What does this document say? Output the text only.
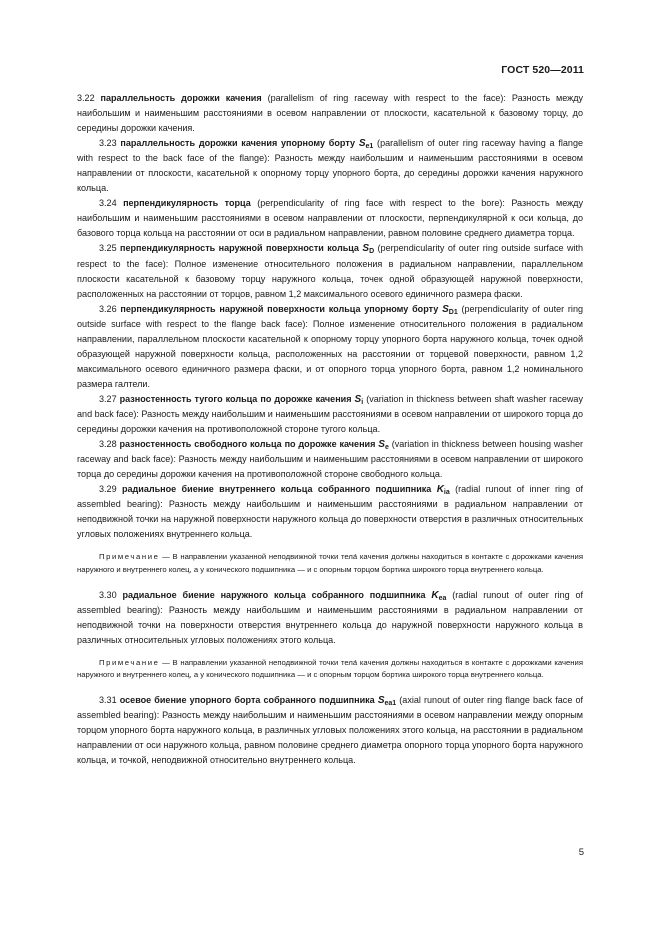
ГОСТ 520—2011

3.22 параллельность дорожки качения (parallelism of ring raceway with respect to the face): Разность между наибольшим и наименьшим расстояниями в осевом направлении от плоскости, касательной к базовому торцу, до середины дорожки качения.

3.23 параллельность дорожки качения упорному борту $S_{e1}$ (parallelism of outer ring raceway having a flange with respect to the back face of the flange): Разность между наибольшим и наименьшим расстояниями в осевом направлении от плоскости, касательной к опорному торцу упорного борта, до середины дорожки качения наружного кольца.

3.24 перпендикулярность торца (perpendicularity of ring face with respect to the bore): Разность между наибольшим и наименьшим расстояниями в осевом направлении от плоскости, перпендикулярной к оси кольца, до базового торца кольца на расстоянии от оси в радиальном направлении, равном половине среднего диаметра торца.

3.25 перпендикулярность наружной поверхности кольца $S_D$ (perpendicularity of outer ring outside surface with respect to the face): Полное изменение относительного положения в радиальном направлении, параллельном плоскости касательной к базовому торцу наружного кольца, точек одной образующей наружной поверхности, расположенных на расстоянии от торцов, равном 1,2 максимального осевого единичного размера фаски.

3.26 перпендикулярность наружной поверхности кольца упорному борту $S_{D1}$ (perpendicularity of outer ring outside surface with respect to the flange back face): Полное изменение относительного положения в радиальном направлении, параллельном плоскости касательной к опорному торцу упорного борта наружного кольца, точек одной образующей наружной поверхности кольца, расположенных на расстоянии от торцевой поверхности, равном 1,2 максимального осевого единичного размера фаски, и от опорного торца упорного борта, равном 1,2 номинального размера галтели.

3.27 разностенность тугого кольца по дорожке качения $S_i$ (variation in thickness between shaft washer raceway and back face): Разность между наибольшим и наименьшим расстояниями в осевом направлении от широкого торца до середины дорожки качения на противоположной стороне тугого кольца.

3.28 разностенность свободного кольца по дорожке качения $S_e$ (variation in thickness between housing washer raceway and back face): Разность между наибольшим и наименьшим расстояниями в осевом направлении от широкого торца до середины дорожки качения на противоположной стороне свободного кольца.

3.29 радиальное биение внутреннего кольца собранного подшипника $K_{ia}$ (radial runout of inner ring of assembled bearing): Разность между наибольшим и наименьшим расстояниями в радиальном направлении от неподвижной точки на наружной поверхности наружного кольца до поверхности отверстия в различных относительных угловых положениях внутреннего кольца.

Примечание — В направлении указанной неподвижной точки тела́ качения должны находиться в контакте с дорожками качения наружного и внутреннего колец, а у конического подшипника — и с опорным торцом бортика широкого торца внутреннего кольца.

3.30 радиальное биение наружного кольца собранного подшипника $K_{ea}$ (radial runout of outer ring of assembled bearing): Разность между наибольшим и наименьшим расстояниями в радиальном направлении от неподвижной точки на поверхности отверстия внутреннего кольца до наружной поверхности наружного кольца в различных относительных угловых положениях этого кольца.

Примечание — В направлении указанной неподвижной точки тела́ качения должны находиться в контакте с дорожками качения наружного и внутреннего колец, а у конического подшипника — и с опорным торцом бортика широкого торца внутреннего кольца.

3.31 осевое биение упорного борта собранного подшипника $S_{ea1}$ (axial runout of outer ring flange back face of assembled bearing): Разность между наибольшим и наименьшим расстояниями в осевом направлении между опорным торцом упорного борта наружного кольца, в различных угловых положениях этого кольца, на расстоянии в радиальном направлении от оси наружного кольца, равном половине среднего диаметра опорного торца упорного борта наружного кольца, и точкой, неподвижной относительно внутреннего кольца.

5
